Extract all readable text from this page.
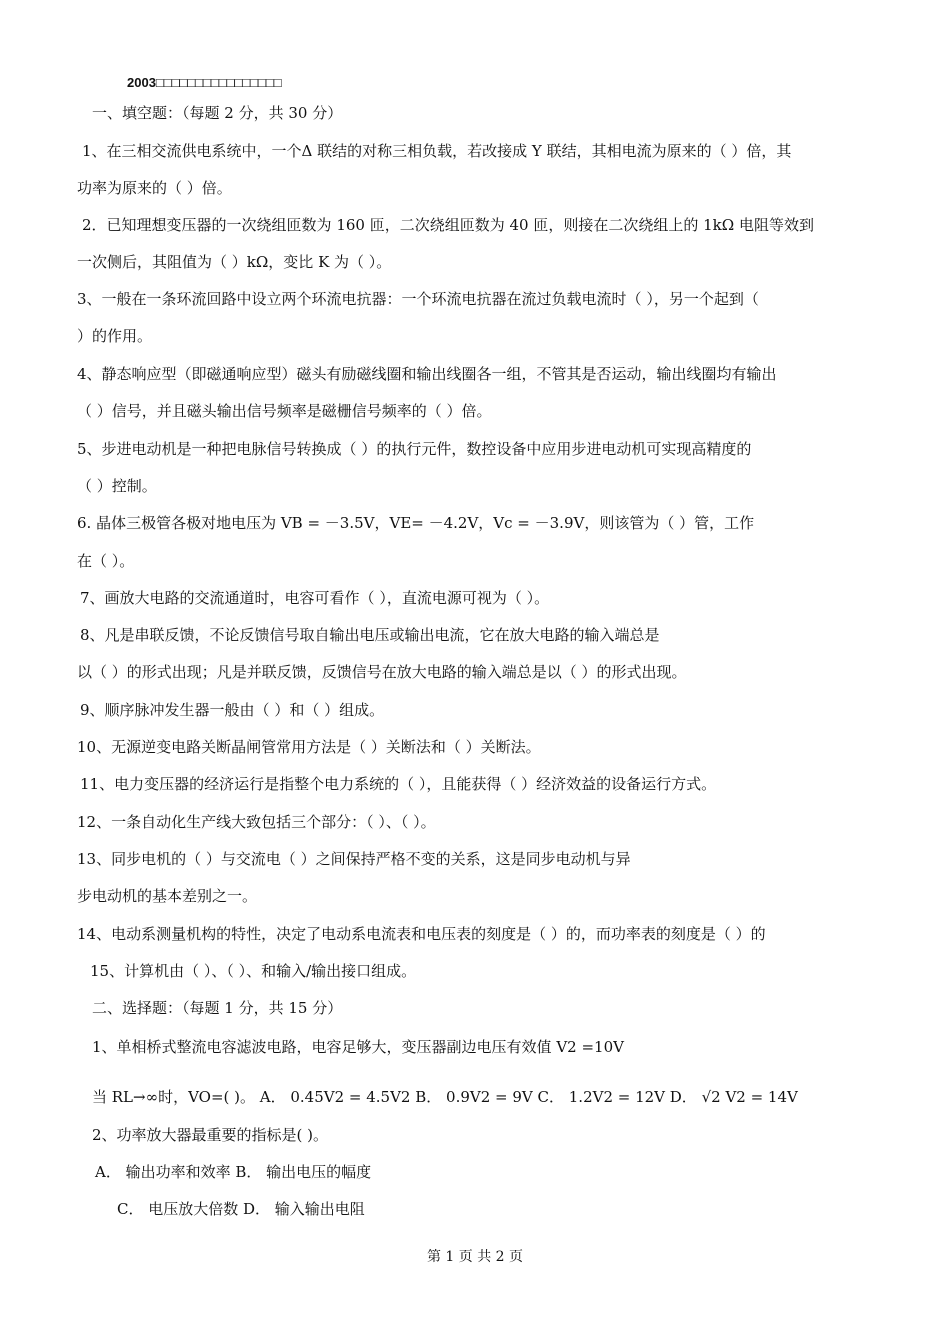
2003□□□□□□□□□□□□□□□□
一、填空题：（每题 2 分，共 30 分）
1、在三相交流供电系统中，一个Δ 联结的对称三相负载，若改接成 Y 联结，其相电流为原来的（ ）倍，其
功率为原来的（ ）倍。
2．已知理想变压器的一次绕组匝数为 160 匝，二次绕组匝数为 40 匝，则接在二次绕组上的 1kΩ 电阻等效到
一次侧后，其阻值为（ ）kΩ，变比 K 为（ ）。
3、一般在一条环流回路中设立两个环流电抗器：一个环流电抗器在流过负载电流时（ ），另一个起到（
）的作用。
4、静态响应型（即磁通响应型）磁头有励磁线圈和输出线圈各一组，不管其是否运动，输出线圈均有输出
（ ）信号，并且磁头输出信号频率是磁栅信号频率的（ ）倍。
5、步进电动机是一种把电脉信号转换成（ ）的执行元件，数控设备中应用步进电动机可实现高精度的
（ ）控制。
6. 晶体三极管各极对地电压为 VB = －3.5V，VE= －4.2V，Vc = －3.9V，则该管为（ ）管，工作
在（ ）。
7、画放大电路的交流通道时，电容可看作（ ），直流电源可视为（ ）。
8、凡是串联反馈，不论反馈信号取自输出电压或输出电流，它在放大电路的输入端总是
以（ ）的形式出现；凡是并联反馈，反馈信号在放大电路的输入端总是以（ ）的形式出现。
9、顺序脉冲发生器一般由（ ）和（ ）组成。
10、无源逆变电路关断晶闸管常用方法是（ ）关断法和（ ）关断法。
11、电力变压器的经济运行是指整个电力系统的（ ），且能获得（ ）经济效益的设备运行方式。
12、一条自动化生产线大致包括三个部分：（ ）、（ ）。
13、同步电机的（ ）与交流电（ ）之间保持严格不变的关系，这是同步电动机与异
步电动机的基本差别之一。
14、电动系测量机构的特性，决定了电动系电流表和电压表的刻度是（ ）的，而功率表的刻度是（ ）的
15、计算机由（ ）、（ ）、和输入/输出接口组成。
二、选择题：（每题 1 分，共 15 分）
1、单相桥式整流电容滤波电路，电容足够大，变压器副边电压有效值 V2 =10V
当 RL→∞时，VO=( )。 A． 0.45V2 = 4.5V2 B． 0.9V2 = 9V C． 1.2V2 = 12V D． √2 V2 = 14V
2、功率放大器最重要的指标是( )。
A． 输出功率和效率 B． 输出电压的幅度
C． 电压放大倍数 D． 输入输出电阻
第 1 页 共 2 页
